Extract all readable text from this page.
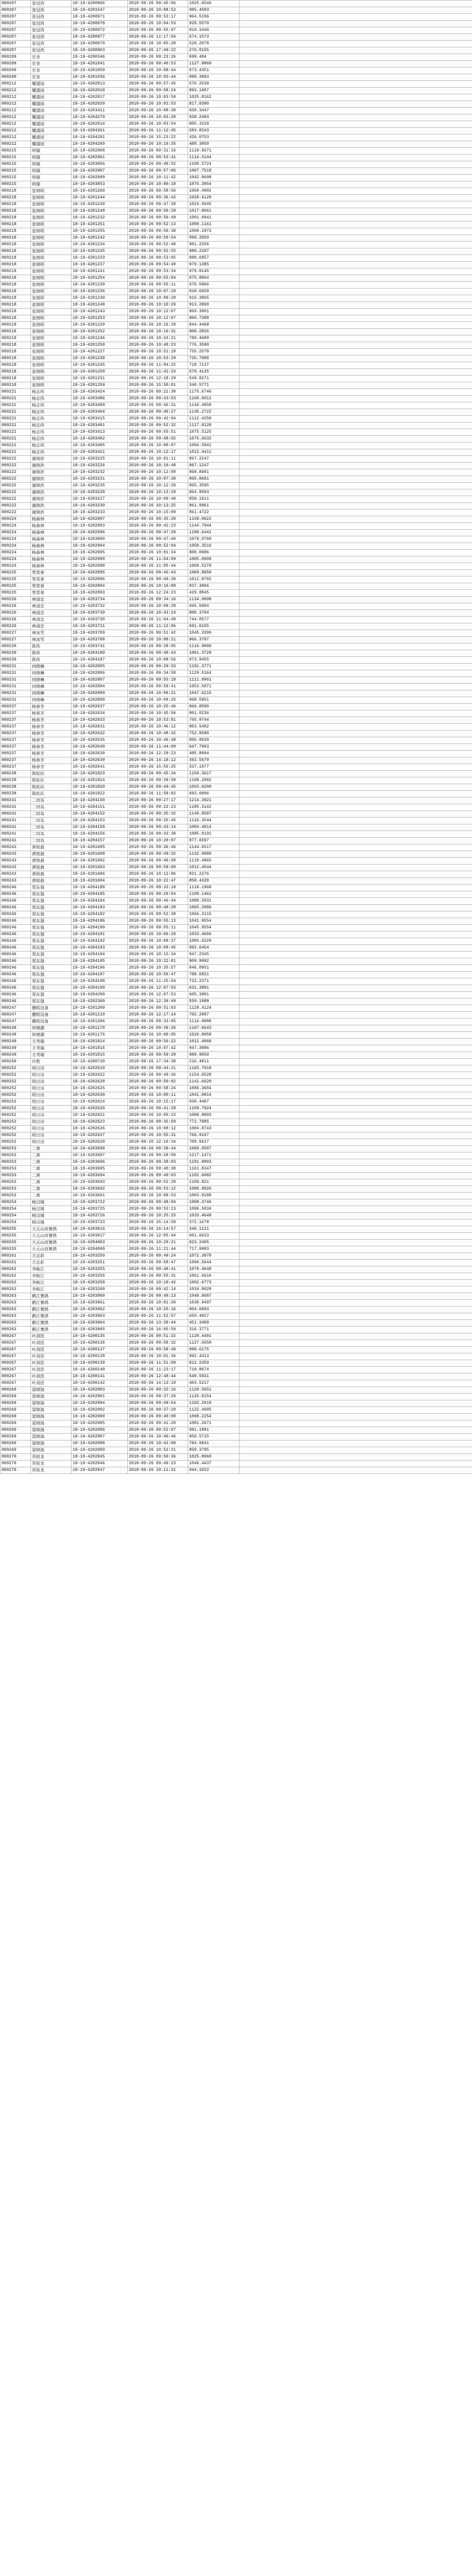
000207	张冠西	18-19-4200966	2018-09-26 09:45:06	1025.6546	
000207	张冠西	18-19-4201547	2018-09-26 10:08:52	985.4503	
000207	张冠西	18-19-4200971	2018-09-26 09:53:17	964.5156	
000207	张冠西	18-19-4200978	2018-09-26 10:04:53	920.5570	
000207	张冠西	18-19-4200972	2018-09-26 09:55:07	919.3440	
000207	张冠西	18-19-4200977	2018-09-26 11:17:56	674.1573	
000207	张冠西	18-19-4200970	2018-09-26 10:05:28	528.2978	
000207	张冠西	18-19-4200963	2018-09-26 17:49:22	276.9155	
000209	宏业	18-19-4200346	2018-09-26 09:23:26	699.484	
000209	宏业	18-19-4201041	2018-09-26 09:40:53	1127.9869	
000209	宏业	18-19-4201059	2018-09-26 10:08:44	973.4351	
000209	宏业	18-19-4201036	2018-09-26 10:03:44	998.3093	
000212	耀盛园	18-19-4202013	2018-09-26 09:57:45	576.2539	
000212	耀盛园	18-19-4202018	2018-09-26 09:58:24	892.1607	
000212	耀盛园	18-19-4202017	2018-09-26 10:03:58	1025.8162	
000212	耀盛园	18-19-4202020	2018-09-26 10:02:53	817.8390	
000212	耀盛园	18-19-4203411	2018-09-26 10:08:39	658.3447	
000212	耀盛园	18-19-4204270	2018-09-26 10:03:29	938.2493	
000212	耀盛园	18-19-4202014	2018-09-26 10:03:54	805.3318	
000212	耀盛园	18-19-4204261	2018-09-26 11:12:45	583.8343	
000212	耀盛园	18-19-4204281	2018-09-26 15:23:22	426.0753	
000212	耀盛园	18-19-4204269	2018-09-26 10:16:35	488.3950	
000215	明瑞	18-19-4202968	2018-09-26 09:31:16	1119.9271	
000215	明瑞	18-19-4202961	2018-09-26 09:53:41	1114.5144	
000215	明瑞	18-19-4203856	2018-09-26 09:40:52	1100.5724	
000215	明瑞	18-19-4202907	2018-09-26 09:57:06	1007.7518	
000215	明瑞	18-19-4202999	2018-09-26 10:11:42	1042.9698	
000215	明瑞	18-19-4203853	2018-09-26 10:00:18	1076.3954	
000218	张锦明	18-19-4201260	2018-09-26 09:58:56	1069.4902	
000218	张锦明	18-19-4201244	2018-09-26 09:36:42	1028.6120	
000218	张锦明	18-19-4201249	2018-09-26 09:47:39	1024.5045	
000218	张锦明	18-19-4201240	2018-09-26 09:50:29	1017.8661	
000218	张锦明	18-19-4201232	2018-09-26 09:50:49	1001.0941	
000218	张锦明	18-19-4201251	2018-09-26 09:52:13	1000.1161	
000218	张锦明	18-19-4201255	2018-09-26 09:50:38	1000.1972	
000218	张锦明	18-19-4201242	2018-09-26 09:50:54	999.2850	
000218	张锦明	18-19-4201234	2018-09-26 09:52:40	991.2256	
000218	张锦明	18-19-4201235	2018-09-26 09:52:55	980.2297	
000218	张锦明	18-19-4201233	2018-09-26 09:53:05	980.6957	
000218	张锦明	18-19-4201237	2018-09-26 09:54:49	979.1385	
000218	张锦明	18-19-4201241	2018-09-26 09:53:34	979.8145	
000218	张锦明	18-19-4201254	2018-09-26 09:55:04	975.8864	
000218	张锦明	18-19-4201230	2018-09-26 09:55:11	970.5866	
000218	张锦明	18-19-4201236	2018-09-26 10:07:29	918.6929	
000218	张锦明	18-19-4201239	2018-09-26 10:09:20	916.3865	
000218	张锦明	18-19-4201248	2018-09-26 10:10:29	913.2860	
000218	张锦明	18-19-4201243	2018-09-26 10:12:07	869.3001	
000218	张锦明	18-19-4201253	2018-09-26 10:12:07	860.7388	
000218	张锦明	18-19-4201229	2018-09-26 10:16:20	844.4468	
000218	张锦明	18-19-4201252	2018-09-26 10:16:31	808.2826	
000218	张锦明	18-19-4201246	2018-09-26 10:43:21	780.4689	
000218	张锦明	18-19-4201258	2018-09-26 10:48:23	776.3590	
000218	张锦明	18-19-4201227	2018-09-26 10:51:18	755.2578	
000218	张锦明	18-19-4201238	2018-09-26 10:53:29	726.7988	
000218	张锦明	18-19-4201245	2018-09-26 11:04:22	718.7137	
000218	张锦明	18-19-4201250	2018-09-26 11:42:33	670.4125	
000218	张锦明	18-19-4201231	2018-09-26 12:18:29	549.8271	
000218	张锦明	18-19-4201259	2018-09-26 15:50:01	340.5771	
000221	杨志伟	18-19-4203424	2018-09-26 09:21:30	1175.6746	
000221	杨志伟	18-19-4203406	2018-09-26 09:43:53	1160.6011	
000221	杨志伟	18-19-4203409	2018-09-26 09:46:31	1144.4058	
000221	杨志伟	18-19-4203404	2018-09-26 09:40:27	1135.2722	
000221	杨志伟	18-19-4203415	2018-09-26 09:42:04	1112.4250	
000221	杨志伟	18-19-4203401	2018-09-26 09:52:32	1117.9120	
000221	杨志伟	18-19-4203413	2018-09-26 09:55:51	1075.5125	
000221	杨志伟	18-19-4203402	2018-09-26 09:48:02	1075.6632	
000221	杨志伟	18-19-4203405	2018-09-26 10:00:07	1066.5941	
000221	杨志伟	18-19-4203421	2018-09-26 10:12:17	1012.4411	
000222	谢锦洪	18-19-4203225	2018-09-26 10:01:11	867.2247	
000222	谢锦洪	18-19-4203226	2018-09-26 10:10:48	867.1247	
000222	谢锦洪	18-19-4203232	2018-09-26 10:12:08	868.8601	
000222	谢锦洪	18-19-4203231	2018-09-26 10:07:38	865.8681	
000222	谢锦洪	18-19-4203235	2018-09-26 10:12:29	865.3595	
000222	谢锦洪	18-19-4203228	2018-09-26 10:13:29	864.9503	
000222	谢锦洪	18-19-4203227	2018-09-26 10:09:40	858.1011	
000222	谢锦洪	18-19-4203230	2018-09-26 10:13:25	861.9961	
000222	谢锦洪	18-19-4203233	2018-09-26 10:15:09	861.4722	
000224	杨森林	18-19-4202997	2018-09-26 09:35:28	1158.0622	
000224	杨森林	18-19-4202993	2018-09-26 09:42:23	1144.7944	
000224	杨森林	18-19-4202996	2018-09-26 09:47:20	1100.6441	
000224	杨森林	18-19-4203000	2018-09-26 09:47:40	1079.0760	
000224	杨森林	18-19-4202994	2018-09-26 09:52:04	1050.3516	
000224	杨森林	18-19-4202995	2018-09-26 10:01:34	800.0986	
000224	杨森林	18-19-4202999	2018-09-26 11:04:09	1005.0999	
000224	杨森林	18-19-4202998	2018-09-26 11:05:44	1060.5279	
000225	管常春	18-19-4202895	2018-09-26 09:45:43	1069.8958	
000225	管常春	18-19-4202896	2018-09-26 09:48:39	1011.8702	
000225	管常春	18-19-4202894	2018-09-26 10:16:00	837.3066	
000225	管常春	18-19-4202893	2018-09-26 12:24:23	429.8845	
000226	林清忠	18-19-4203734	2018-09-26 09:34:16	1134.9898	
000226	林清忠	18-19-4203732	2018-09-26 10:09:28	945.5084	
000226	林清忠	18-19-4203739	2018-09-26 10:43:24	800.3704	
000226	林清忠	18-19-4203730	2018-09-26 11:04:49	744.0577	
000226	林清忠	18-19-4203731	2018-09-26 11:12:06	691.6155	
000227	林冰雪	18-19-4203709	2018-09-26 09:51:42	1045.3399	
000227	林冰雪	18-19-4203708	2018-09-26 10:08:21	966.3707	
000230	陈伟	18-19-4203741	2018-09-26 09:38:05	1116.9000	
000230	陈伟	18-19-4204189	2018-09-26 09:48:43	1061.3729	
000230	陈伟	18-19-4204187	2018-09-26 10:08:56	973.9455	
000231	何晓琳	18-19-4202805	2018-09-26 09:29:33	1181.3771	
000231	何晓琳	18-19-4202806	2018-09-26 09:34:58	1129.5164	
000231	何晓琳	18-19-4202807	2018-09-26 09:55:18	1111.8961	
000231	何晓琳	18-19-4202804	2018-09-26 09:59:41	1053.5971	
000231	何晓琳	18-19-4202809	2018-09-26 10:06:21	1047.6215	
000231	何晓琳	18-19-4202808	2018-09-26 10:09:25	968.5951	
000237	杨春芳	18-19-4202637	2018-09-26 10:25:46	866.8590	
000237	杨春芳	18-19-4202634	2018-09-26 10:45:56	801.0236	
000237	杨春芳	18-19-4202633	2018-09-26 10:53:01	765.9744	
000237	杨春芳	18-19-4202631	2018-09-26 10:46:12	803.5492	
000237	杨春芳	18-19-4202632	2018-09-26 10:48:32	752.8590	
000237	杨春芳	18-19-4202635	2018-09-26 10:46:48	805.9920	
000237	杨春芳	18-19-4202640	2018-09-26 11:44:00	647.7993	
000237	杨春芳	18-19-4202638	2018-09-26 12:29:23	485.8094	
000237	杨春芳	18-19-4202639	2018-09-26 14:18:12	392.5679	
000237	杨春芳	18-19-4202641	2018-09-26 15:56:25	337.1977	
000238	陈松民	18-19-4201823	2018-09-26 09:45:34	1159.3617	
000238	陈松民	18-19-4201824	2018-09-26 09:39:58	1108.2082	
000238	陈松民	18-19-4201820	2018-09-26 09:49:45	1093.9200	
000238	陈松民	18-19-4201822	2018-09-26 11:58:02	693.0006	
000241	二田岛	18-19-4204150	2018-09-26 09:27:17	1214.3921	
000241	二田岛	18-19-4204151	2018-09-26 09:22:23	1185.3142	
000241	二田岛	18-19-4204152	2018-09-26 09:35:32	1149.8587	
000241	二田岛	18-19-4204153	2018-09-26 09:35:45	1116.3544	
000241	二田岛	18-19-4204158	2018-09-26 09:43:14	1084.4014	
000241	二田岛	18-19-4204156	2018-09-26 09:43:30	1085.0191	
000241	二田岛	18-19-4204157	2018-09-26 10:20:07	977.6597	
000243	黄锐毅	18-19-4201605	2018-09-26 09:36:46	1144.6517	
000243	黄锐毅	18-19-4201608	2018-09-26 09:49:32	1132.9989	
000243	黄锐毅	18-19-4201602	2018-09-26 09:49:58	1110.4965	
000243	黄锐毅	18-19-4201603	2018-09-26 09:59:00	1012.4544	
000243	黄锐毅	18-19-4201606	2018-09-26 10:12:06	831.2276	
000243	黄锐毅	18-19-4201604	2018-09-26 10:22:47	858.4328	
000246	郑东强	18-19-4204188	2018-09-26 09:33:18	1118.1968	
000246	郑东强	18-19-4204185	2018-09-26 09:29:54	1100.1461	
000246	郑东强	18-19-4204184	2018-09-26 09:46:44	1080.5931	
000246	郑东强	18-19-4204183	2018-09-26 09:48:28	1065.2986	
000246	郑东强	18-19-4204182	2018-09-26 09:52:38	1066.3115	
000246	郑东强	18-19-4204186	2018-09-26 09:55:13	1041.9554	
000246	郑东强	18-19-4204190	2018-09-26 09:55:11	1045.9554	
000246	郑东强	18-19-4204191	2018-09-26 10:06:29	1033.4666	
000246	郑东强	18-19-4204192	2018-09-26 10:09:37	1005.6229	
000246	郑东强	18-19-4204193	2018-09-26 10:09:45	992.6454	
000246	郑东强	18-19-4204194	2018-09-26 10:15:34	947.2345	
000246	郑东强	18-19-4204195	2018-09-26 10:22:01	909.9992	
000246	郑东强	18-19-4204196	2018-09-26 10:35:57	846.0951	
000246	郑东强	18-19-4204197	2018-09-26 10:56:47	788.6821	
000246	郑东强	18-19-4204198	2018-09-26 11:25:54	722.2371	
000246	郑东强	18-19-4204199	2018-09-26 12:07:53	631.3881	
000246	郑东强	18-19-4204200	2018-09-26 12:07:53	605.3981	
000246	郑东强	18-19-4202360	2018-09-26 12:39:49	559.1988	
000247	鹏程设备	18-19-4201209	2018-09-26 09:51:03	1129.4124	
000247	鹏程设备	18-19-4201210	2018-09-26 12:17:14	702.2987	
000247	鹏程设备	18-19-4201206	2018-09-26 09:33:05	1114.9888	
000248	钟德潮	18-19-4201170	2018-09-26 09:39:26	1107.6643	
000248	钟德潮	18-19-4201176	2018-09-26 10:00:05	1026.0058	
000249	方考瑞	18-19-4201814	2018-09-26 09:56:22	1011.4068	
000249	方考瑞	18-19-4201816	2018-09-26 10:07:42	947.3886	
000249	方考瑞	18-19-4201815	2018-09-26 09:59:20	988.9050	
000250	许胜	18-19-4200720	2018-09-26 17:34:38	216.4811	
000252	明日诗	18-19-4202619	2018-09-26 09:44:21	1165.7018	
000252	明日诗	18-19-4202622	2018-09-26 09:49:26	1154.6520	
000252	明日诗	18-19-4202628	2018-09-26 09:50:02	1141.6620	
000252	明日诗	18-19-4202625	2018-09-26 09:58:24	1086.3684	
000252	明日诗	18-19-4202630	2018-09-26 10:00:11	1041.0814	
000252	明日诗	18-19-4202624	2018-09-26 10:15:17	930.4407	
000252	明日诗	18-19-4202620	2018-09-26 09:41:20	1109.7024	
000252	明日诗	18-19-4202621	2018-09-26 10:05:23	1000.8893	
000252	明日诗	18-19-4202623	2018-09-26 09:35:50	772.7085	
000252	明日诗	18-19-4202626	2018-09-26 10:08:12	1004.8743	
000252	明日诗	18-19-4202627	2018-09-26 10:55:31	766.9167	
000252	明日诗	18-19-4202629	2018-09-26 12:16:34	709.5617	
000253	二黄	18-19-4203698	2018-09-26 09:38:44	1089.0587	
000253	二黄	18-19-4203697	2018-09-26 09:28:50	1217.1471	
000253	二黄	18-19-4203696	2018-09-26 09:38:03	1191.9893	
000253	二黄	18-19-4203695	2018-09-26 09:40:38	1161.8347	
000253	二黄	18-19-4203694	2018-09-26 09:49:03	1102.6082	
000253	二黄	18-19-4203693	2018-09-26 09:52:28	1109.821	
000253	二黄	18-19-4203692	2018-09-26 09:53:12	1086.9926	
000253	二黄	18-19-4203691	2018-09-26 10:08:53	1003.9188	
000254	杨汉城	18-19-4203722	2018-09-26 09:48:04	1009.3746	
000254	杨汉城	18-19-4203725	2018-09-26 09:53:13	1006.5034	
000254	杨汉城	18-19-4203726	2018-09-26 10:25:25	1033.4648	
000254	杨汉城	18-19-4203723	2018-09-26 15:14:59	372.1678	
000255	大元山田赛鸽	18-19-4203016	2018-09-26 16:14:57	340.1121	
000255	大元山田赛鸽	18-19-4203017	2018-09-26 12:05:44	601.6633	
000255	大元山田赛鸽	18-19-4204003	2018-09-26 10:29:21	923.2495	
000255	大元山田赛鸽	18-19-4204000	2018-09-26 11:21:44	717.9983	
000261	方志彩	18-19-4203250	2018-09-26 09:49:24	1072.3970	
000261	方志彩	18-19-4203251	2018-09-26 09:58:47	1090.5644	
000262	李栋江	18-19-4203255	2018-09-26 09:48:41	1070.4640	
000262	李栋江	18-19-4203256	2018-09-26 09:55:31	1061.6616	
000262	李栋江	18-19-4203258	2018-09-26 10:10:42	1002.6773	
000262	李栋江	18-19-4203260	2018-09-26 09:42:14	1034.8028	
000263	鹤江赛鸽	18-19-4203960	2018-09-26 09:48:13	1049.0687	
000263	鹤江赛鸽	18-19-4203961	2018-09-26 10:01:20	1030.9497	
000263	鹤江赛鸽	18-19-4203962	2018-09-26 10:25:16	904.6893	
000263	鹤江赛鸽	18-19-4203963	2018-09-26 11:52:57	659.4827	
000263	鹤江赛鸽	18-19-4203964	2018-09-26 13:30:44	451.3409	
000263	鹤江赛鸽	18-19-4203965	2018-09-26 16:05:59	316.3771	
000267	叶剑浩	18-19-4200135	2018-09-26 09:51:32	1120.4491	
000267	叶剑浩	18-19-4200136	2018-09-26 09:58:32	1127.5650	
000267	叶剑浩	18-19-4200137	2018-09-26 09:58:49	998.6175	
000267	叶剑浩	18-19-4200138	2018-09-26 10:01:36	992.4413	
000267	叶剑浩	18-19-4200139	2018-09-26 11:51:09	812.2359	
000267	叶剑浩	18-19-4200140	2018-09-26 11:23:17	719.8674	
000267	叶剑浩	18-19-4200141	2018-09-26 12:48:44	540.5931	
000267	叶剑浩	18-19-4200142	2018-09-26 14:13:19	403.5217	
000269	梁锦海	18-19-4202903	2018-09-26 09:32:16	1129.5651	
000269	梁锦海	18-19-4202901	2018-09-26 09:37:20	1126.8154	
000269	梁锦海	18-19-4202904	2018-09-26 09:49:54	1102.2919	
000269	梁锦海	18-19-4202902	2018-09-26 09:37:20	1122.4905	
000269	梁锦海	18-19-4202900	2018-09-26 09:40:00	1098.2254	
000269	梁锦海	18-19-4202905	2018-09-26 09:41:20	1081.2671	
000269	梁锦海	18-19-4202906	2018-09-26 09:52:07	991.1891	
000269	梁锦海	18-19-4202907	2018-09-26 10:40:46	950.5715	
000269	梁锦海	18-19-4202908	2018-09-26 10:42:00	784.9941	
000269	梁锦海	18-19-4202909	2018-09-26 10:52:31	850.3785	
000270	苏桂龙	18-19-4202845	2018-09-26 09:50:36	1025.8960	
000270	苏桂龙	18-19-4202846	2018-09-26 09:49:23	1046.4437	
000270	苏桂龙	18-19-4202847	2018-09-26 10:11:31	944.1022	
